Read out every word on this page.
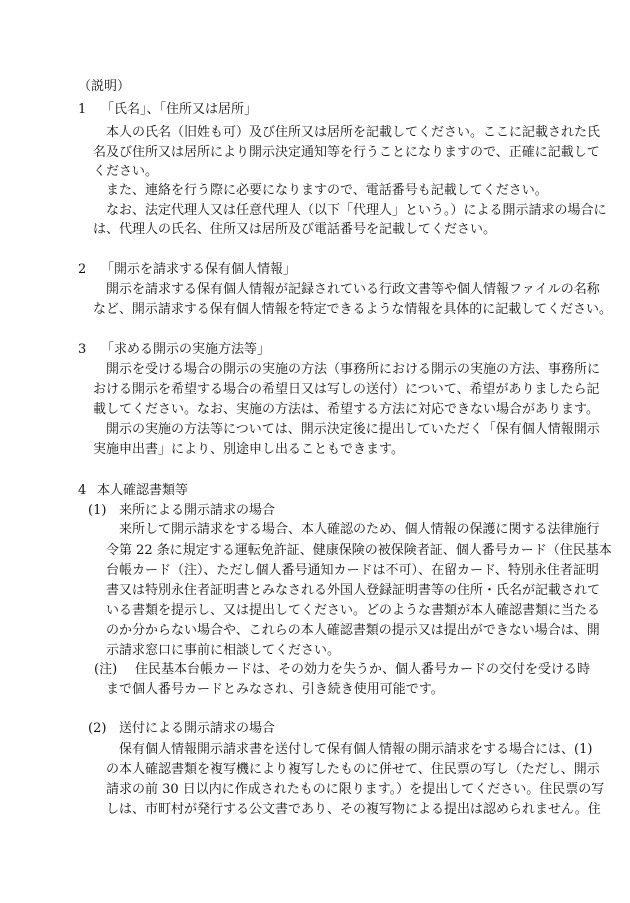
（説明）
1 「氏名」、「住所又は居所」
本人の氏名（旧姓も可）及び住所又は居所を記載してください。ここに記載された氏
名及び住所又は居所により開示決定通知等を行うことになりますので、正確に記載して
ください。
また、連絡を行う際に必要になりますので、電話番号も記載してください。
なお、法定代理人又は任意代理人（以下「代理人」という。）による開示請求の場合に
は、代理人の氏名、住所又は居所及び電話番号を記載してください。
2 「開示を請求する保有個人情報」
開示を請求する保有個人情報が記録されている行政文書等や個人情報ファイルの名称
など、開示請求する保有個人情報を特定できるような情報を具体的に記載してください。
3 「求める開示の実施方法等」
開示を受ける場合の開示の実施の方法（事務所における開示の実施の方法、事務所に
おける開示を希望する場合の希望日又は写しの送付）について、希望がありましたら記
載してください。なお、実施の方法は、希望する方法に対応できない場合があります。
開示の実施の方法等については、開示決定後に提出していただく「保有個人情報開示
実施申出書」により、別途申し出ることもできます。
4 本人確認書類等
(1) 来所による開示請求の場合
来所して開示請求をする場合、本人確認のため、個人情報の保護に関する法律施行
令第 22 条に規定する運転免許証、健康保険の被保険者証、個人番号カード（住民基本
台帳カード（注）、ただし個人番号通知カードは不可）、在留カード、特別永住者証明
書又は特別永住者証明書とみなされる外国人登録証明書等の住所・氏名が記載されて
いる書類を提示し、又は提出してください。どのような書類が本人確認書類に当たる
のか分からない場合や、これらの本人確認書類の提示又は提出ができない場合は、開
示請求窓口に事前に相談してください。
(注) 住民基本台帳カードは、その効力を失うか、個人番号カードの交付を受ける時
まで個人番号カードとみなされ、引き続き使用可能です。
(2) 送付による開示請求の場合
保有個人情報開示請求書を送付して保有個人情報の開示請求をする場合には、(1)
の本人確認書類を複写機により複写したものに併せて、住民票の写し（ただし、開示
請求の前 30 日以内に作成されたものに限ります。）を提出してください。住民票の写
しは、市町村が発行する公文書であり、その複写物による提出は認められません。住
